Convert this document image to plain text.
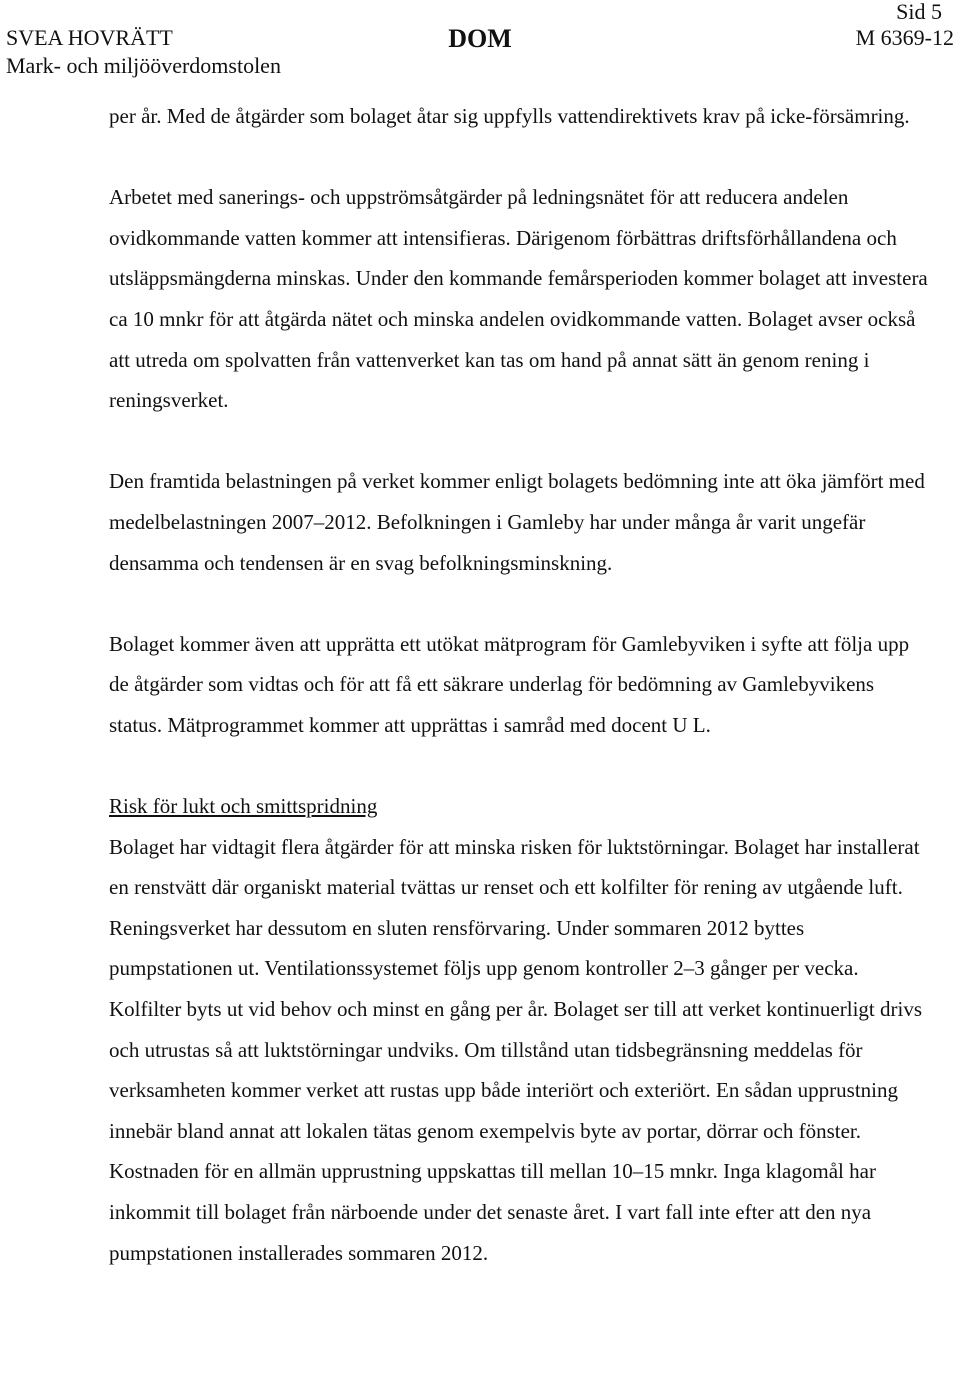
Sid 5
SVEA HOVRÄTT
Mark- och miljööverdomstolen
DOM	M 6369-12

per år. Med de åtgärder som bolaget åtar sig uppfylls vattendirektivets krav på icke-försämring.

Arbetet med sanerings- och uppströmsåtgärder på ledningsnätet för att reducera andelen ovidkommande vatten kommer att intensifieras. Därigenom förbättras driftsförhållandena och utsläppsmängderna minskas. Under den kommande femårsperioden kommer bolaget att investera ca 10 mnkr för att åtgärda nätet och minska andelen ovidkommande vatten. Bolaget avser också att utreda om spolvatten från vattenverket kan tas om hand på annat sätt än genom rening i reningsverket.

Den framtida belastningen på verket kommer enligt bolagets bedömning inte att öka jämfört med medelbelastningen 2007–2012. Befolkningen i Gamleby har under många år varit ungefär densamma och tendensen är en svag befolkningsminskning.

Bolaget kommer även att upprätta ett utökat mätprogram för Gamlebyviken i syfte att följa upp de åtgärder som vidtas och för att få ett säkrare underlag för bedömning av Gamlebyvikens status. Mätprogrammet kommer att upprättas i samråd med docent U L.

Risk för lukt och smittspridning

Bolaget har vidtagit flera åtgärder för att minska risken för luktstörningar. Bolaget har installerat en renstvätt där organiskt material tvättas ur renset och ett kolfilter för rening av utgående luft. Reningsverket har dessutom en sluten rensförvaring. Under sommaren 2012 byttes pumpstationen ut. Ventilationssystemet följs upp genom kontroller 2–3 gånger per vecka. Kolfilter byts ut vid behov och minst en gång per år. Bolaget ser till att verket kontinuerligt drivs och utrustas så att luktstörningar undviks. Om tillstånd utan tidsbegränsning meddelas för verksamheten kommer verket att rustas upp både interiört och exteriört. En sådan upprustning innebär bland annat att lokalen tätas genom exempelvis byte av portar, dörrar och fönster. Kostnaden för en allmän upprustning uppskattas till mellan 10–15 mnkr. Inga klagomål har inkommit till bolaget från närboende under det senaste året. I vart fall inte efter att den nya pumpstationen installerades sommaren 2012.
